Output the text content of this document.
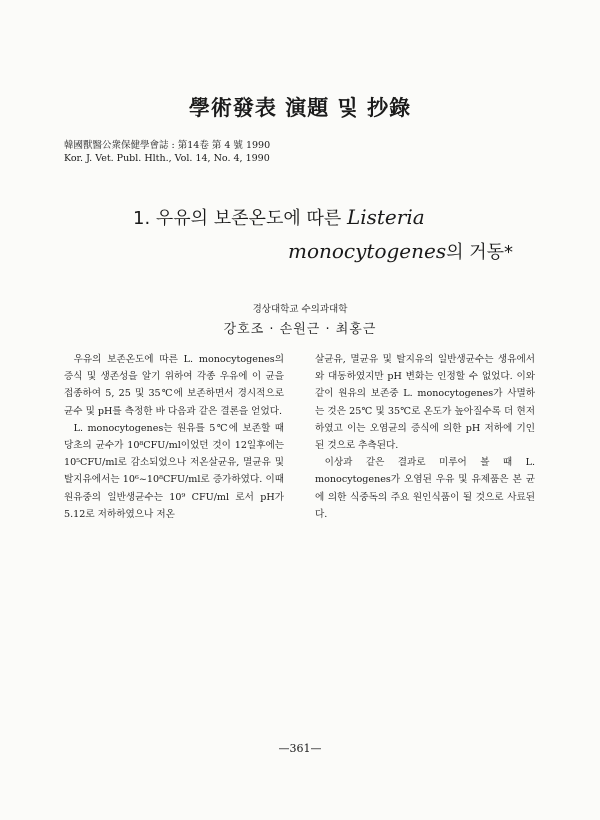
學術發表 演題 및 抄錄
韓國獸醫公衆保健學會誌 : 第14卷 第 4 號 1990
Kor. J. Vet. Publ. Hlth., Vol. 14, No. 4, 1990
1. 우유의 보존온도에 따른 Listeria
monocytogenes의 거동*
경상대학교 수의과대학
강호조 · 손원근 · 최홍근

우유의 보존온도에 따른 L. monocytogenes의 증식 및 생존성을 알기 위하여 각종 우유에 이 균을 접종하여 5, 25 및 35℃에 보존하면서 경시적으로 균수 및 pH를 측정한 바 다음과 같은 결론을 얻었다.

L. monocytogenes는 원유를 5℃에 보존할 때 당초의 균수가 10⁸CFU/ml이었던 것이 12일후에는 10⁵CFU/ml로 감소되었으나 저온살균유, 멸균유 및 탈지유에서는 10⁶~10⁸CFU/ml로 증가하였다. 이때 원유중의 일반생균수는 10⁹ CFU/ml 로서 pH가 5.12로 저하하였으나 저온

살균유, 멸균유 및 탈지유의 일반생균수는 생유에서와 대동하였지만 pH 변화는 인정할 수 없었다. 이와같이 원유의 보존중 L. monocytogenes가 사멸하는 것은 25℃ 및 35℃로 온도가 높아질수록 더 현저하였고 이는 오염균의 증식에 의한 pH 저하에 기인된 것으로 추측된다.

이상과 같은 결과로 미루어 볼 때 L. monocytogenes가 오염된 우유 및 유제품은 본 균에 의한 식중독의 주요 원인식품이 될 것으로 사료된다.

—361—
